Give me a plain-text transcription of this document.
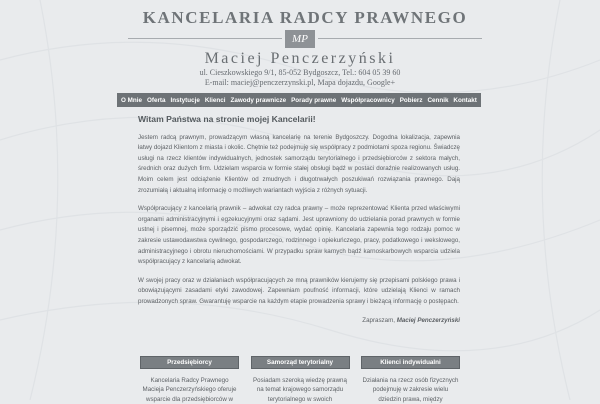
KANCELARIA RADCY PRAWNEGO
MP
Maciej Penczerzyński
ul. Cieszkowskiego 9/1, 85-052 Bydgoszcz, Tel.: 604 05 39 60
E-mail: maciej@penczerzynski.pl, Mapa dojazdu, Google+
O Mnie Oferta Instytucje Klienci Zawody prawnicze Porady prawne Współpracownicy Pobierz Cennik Kontakt
Witam Państwa na stronie mojej Kancelarii!

Jestem radcą prawnym, prowadzącym własną kancelarię na terenie Bydgoszczy. Dogodna lokalizacja, zapewnia łatwy dojazd Klientom z miasta i okolic. Chętnie też podejmuję się współpracy z podmiotami spoza regionu. Świadczę usługi na rzecz klientów indywidualnych, jednostek samorządu terytorialnego i przedsiębiorców z sektora małych, średnich oraz dużych firm. Udzielam wsparcia w formie stałej obsługi bądź w postaci doraźnie realizowanych usług. Moim celem jest odciążenie Klientów od zmudnych i długotrwałych poszukiwań rozwiązania prawnego. Dają zrozumiałą i aktualną informację o możliwych wariantach wyjścia z różnych sytuacji.

Współpracujący z kancelarią prawnik – adwokat czy radca prawny – może reprezentować Klienta przed właściwymi organami administracyjnymi i egzekucyjnymi oraz sądami. Jest uprawniony do udzielania porad prawnych w formie ustnej i pisemnej, może sporządzić pismo procesowe, wydać opinię. Kancelaria zapewnia tego rodzaju pomoc w zakresie ustawodawstwa cywilnego, gospodarczego, rodzinnego i opiekuńczego, pracy, podatkowego i wekslowego, administracyjnego i obrotu nieruchomościami. W przypadku spraw karnych bądź karnoskarbowych wsparcia udziela współpracujący z kancelarią adwokat.

W swojej pracy oraz w działaniach współpracujących ze mną prawników kierujemy się przepisami polskiego prawa i obowiązującymi zasadami etyki zawodowej. Zapewniam poufność informacji, które udzielają Klienci w ramach prowadzonych spraw. Gwarantuję wsparcie na każdym etapie prowadzenia sprawy i bieżącą informację o postępach.

Zapraszam, Maciej Penczerzyński
Przedsiębiorcy
Kancelaria Radcy Prawnego Macieja Penczerzyńskiego oferuje wsparcie dla przedsiębiorców w
Samorząd terytorialny
Posiadam szeroką wiedzę prawną na temat krajowego samorządu terytorialnego w swoich
Klienci indywidualni
Działania na rzecz osób fizycznych podejmuję w zakresie wielu dziedzin prawa, między
